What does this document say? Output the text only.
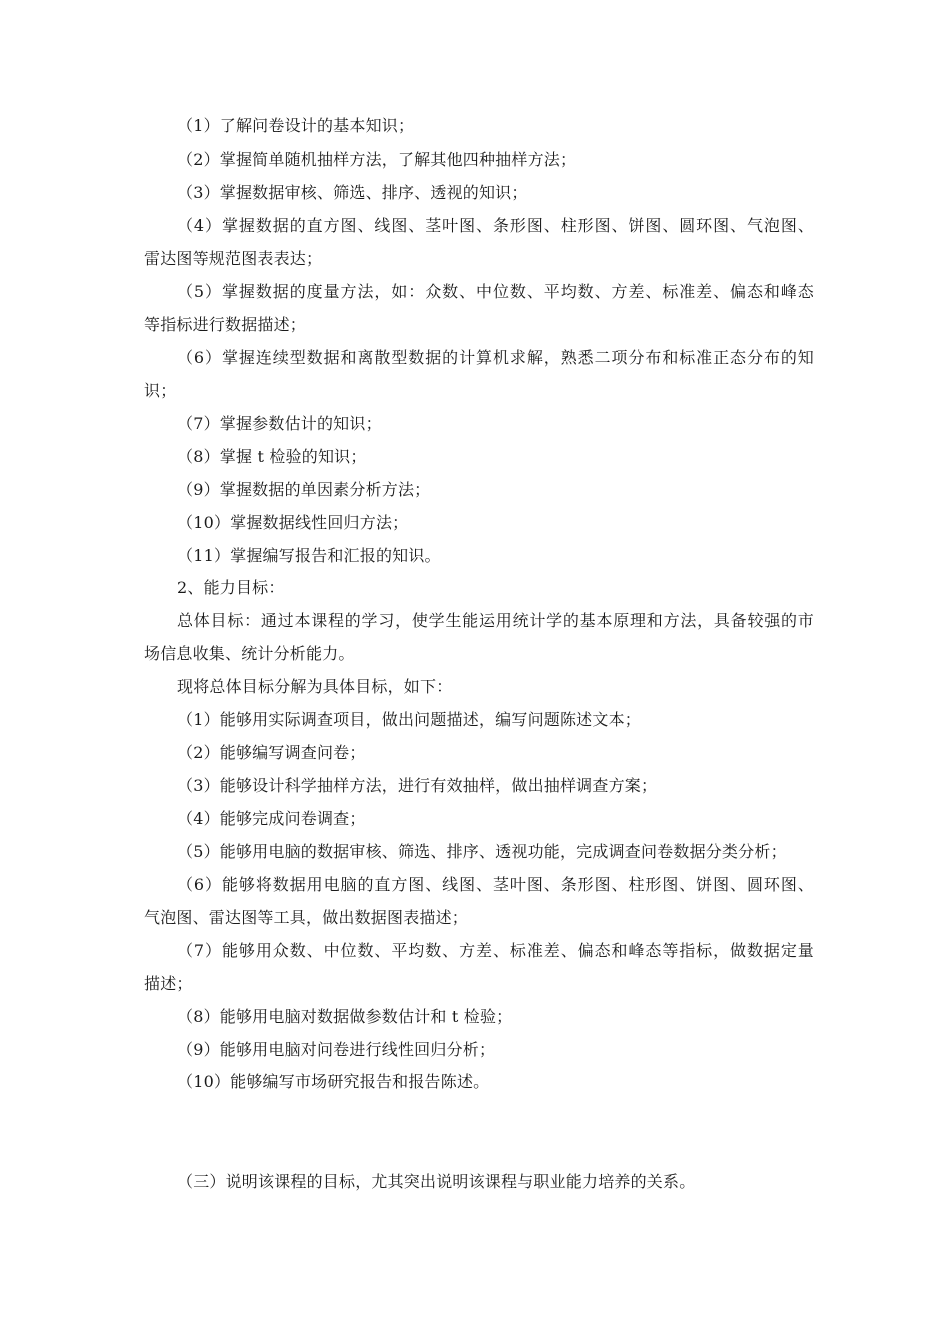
（1）了解问卷设计的基本知识；
（2）掌握简单随机抽样方法，了解其他四种抽样方法；
（3）掌握数据审核、筛选、排序、透视的知识；
（4）掌握数据的直方图、线图、茎叶图、条形图、柱形图、饼图、圆环图、气泡图、
雷达图等规范图表表达；
（5）掌握数据的度量方法，如：众数、中位数、平均数、方差、标准差、偏态和峰态
等指标进行数据描述；
（6）掌握连续型数据和离散型数据的计算机求解，熟悉二项分布和标准正态分布的知
识；
（7）掌握参数估计的知识；
（8）掌握 t 检验的知识；
（9）掌握数据的单因素分析方法；
（10）掌握数据线性回归方法；
（11）掌握编写报告和汇报的知识。
2、能力目标：
总体目标：通过本课程的学习，使学生能运用统计学的基本原理和方法，具备较强的市
场信息收集、统计分析能力。
现将总体目标分解为具体目标，如下：
（1）能够用实际调查项目，做出问题描述，编写问题陈述文本；
（2）能够编写调查问卷；
（3）能够设计科学抽样方法，进行有效抽样，做出抽样调查方案；
（4）能够完成问卷调查；
（5）能够用电脑的数据审核、筛选、排序、透视功能，完成调查问卷数据分类分析；
（6）能够将数据用电脑的直方图、线图、茎叶图、条形图、柱形图、饼图、圆环图、
气泡图、雷达图等工具，做出数据图表描述；
（7）能够用众数、中位数、平均数、方差、标准差、偏态和峰态等指标，做数据定量
描述；
（8）能够用电脑对数据做参数估计和 t 检验；
（9）能够用电脑对问卷进行线性回归分析；
（10）能够编写市场研究报告和报告陈述。
（三）说明该课程的目标，尤其突出说明该课程与职业能力培养的关系。
